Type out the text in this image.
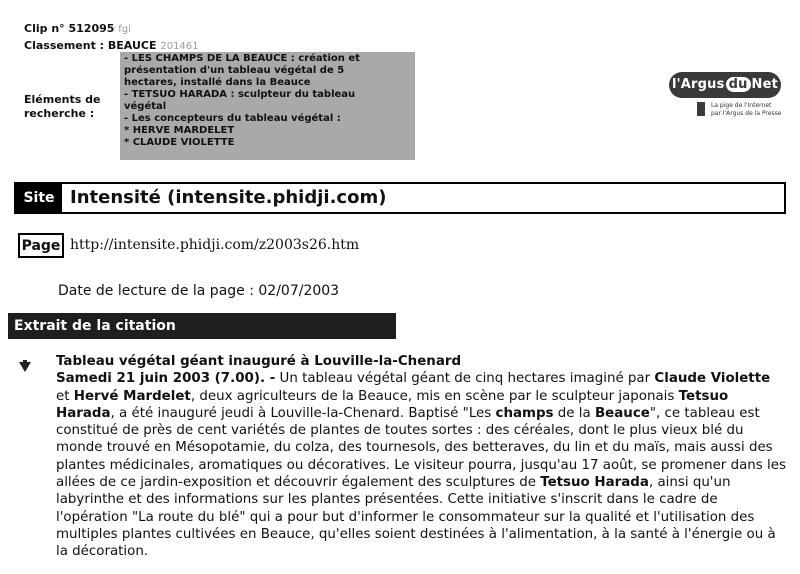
Clip n° 512095 fgi
Classement : BEAUCE 201461
Eléments de
recherche :
- LES CHAMPS DE LA BEAUCE : création et
présentation d'un tableau végétal de 5
hectares, installé dans la Beauce
- TETSUO HARADA : sculpteur du tableau
végétal
- Les concepteurs du tableau végétal :
* HERVE MARDELET
* CLAUDE VIOLETTE
l'Argus du Net
La pige de l'Internet
par l'Argus de la Presse
Site Intensité (intensite.phidji.com)
Page http://intensite.phidji.com/z2003s26.htm
Date de lecture de la page : 02/07/2003
Extrait de la citation
Tableau végétal géant inauguré à Louville-la-Chenard

Samedi 21 juin 2003 (7.00). - Un tableau végétal géant de cinq hectares imaginé par Claude Violette et Hervé Mardelet, deux agriculteurs de la Beauce, mis en scène par le sculpteur japonais Tetsuo Harada, a été inauguré jeudi à Louville-la-Chenard. Baptisé "Les champs de la Beauce", ce tableau est constitué de près de cent variétés de plantes de toutes sortes : des céréales, dont le plus vieux blé du monde trouvé en Mésopotamie, du colza, des tournesols, des betteraves, du lin et du maïs, mais aussi des plantes médicinales, aromatiques ou décoratives. Le visiteur pourra, jusqu'au 17 août, se promener dans les allées de ce jardin-exposition et découvrir également des sculptures de Tetsuo Harada, ainsi qu'un labyrinthe et des informations sur les plantes présentées. Cette initiative s'inscrit dans le cadre de l'opération "La route du blé" qui a pour but d'informer le consommateur sur la qualité et l'utilisation des multiples plantes cultivées en Beauce, qu'elles soient destinées à l'alimentation, à la santé à l'énergie ou à la décoration.
